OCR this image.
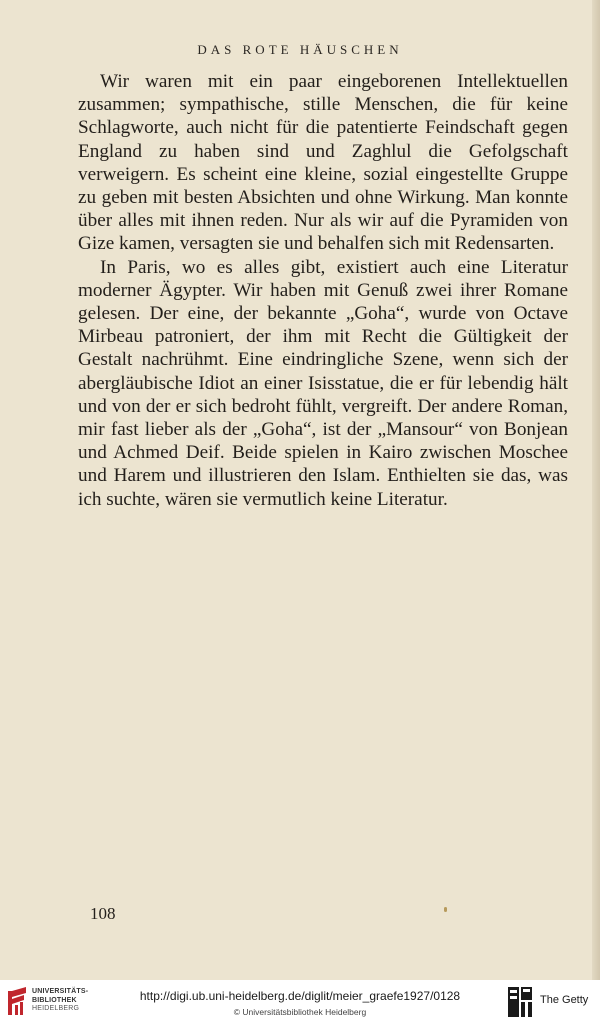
DAS ROTE HÄUSCHEN

Wir waren mit ein paar eingeborenen Intellektuellen zusammen; sympathische, stille Menschen, die für keine Schlagworte, auch nicht für die patentierte Feindschaft gegen England zu haben sind und Zaghlul die Gefolgschaft verweigern. Es scheint eine kleine, sozial eingestellte Gruppe zu geben mit besten Absichten und ohne Wirkung. Man konnte über alles mit ihnen reden. Nur als wir auf die Pyramiden von Gize kamen, versagten sie und behalfen sich mit Redensarten.

In Paris, wo es alles gibt, existiert auch eine Literatur moderner Ägypter. Wir haben mit Genuß zwei ihrer Romane gelesen. Der eine, der bekannte „Goha“, wurde von Octave Mirbeau patroniert, der ihm mit Recht die Gültigkeit der Gestalt nachrühmt. Eine eindringliche Szene, wenn sich der abergläubische Idiot an einer Isisstatue, die er für lebendig hält und von der er sich bedroht fühlt, vergreift. Der andere Roman, mir fast lieber als der „Goha“, ist der „Mansour“ von Bonjean und Achmed Deif. Beide spielen in Kairo zwischen Moschee und Harem und illustrieren den Islam. Enthielten sie das, was ich suchte, wären sie vermutlich keine Literatur.

108
UNIVERSITÄTS-
BIBLIOTHEK
HEIDELBERG
http://digi.ub.uni-heidelberg.de/diglit/meier_graefe1927/0128
© Universitätsbibliothek Heidelberg
The Getty
